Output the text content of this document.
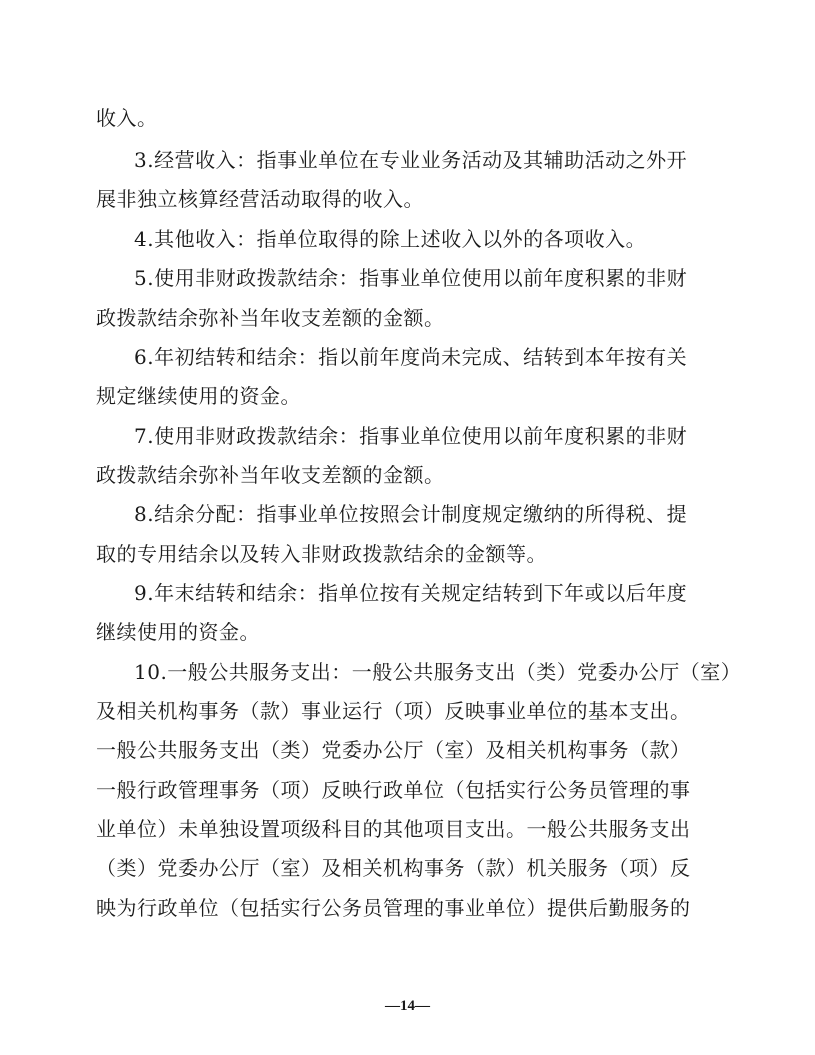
收入。
3.经营收入：指事业单位在专业业务活动及其辅助活动之外开
展非独立核算经营活动取得的收入。
4.其他收入：指单位取得的除上述收入以外的各项收入。
5.使用非财政拨款结余：指事业单位使用以前年度积累的非财
政拨款结余弥补当年收支差额的金额。
6.年初结转和结余：指以前年度尚未完成、结转到本年按有关
规定继续使用的资金。
7.使用非财政拨款结余：指事业单位使用以前年度积累的非财
政拨款结余弥补当年收支差额的金额。
8.结余分配：指事业单位按照会计制度规定缴纳的所得税、提
取的专用结余以及转入非财政拨款结余的金额等。
9.年末结转和结余：指单位按有关规定结转到下年或以后年度
继续使用的资金。
10.一般公共服务支出：一般公共服务支出（类）党委办公厅（室）
及相关机构事务（款）事业运行（项）反映事业单位的基本支出。
一般公共服务支出（类）党委办公厅（室）及相关机构事务（款）
一般行政管理事务（项）反映行政单位（包括实行公务员管理的事
业单位）未单独设置项级科目的其他项目支出。一般公共服务支出
（类）党委办公厅（室）及相关机构事务（款）机关服务（项）反
映为行政单位（包括实行公务员管理的事业单位）提供后勤服务的
—14—
